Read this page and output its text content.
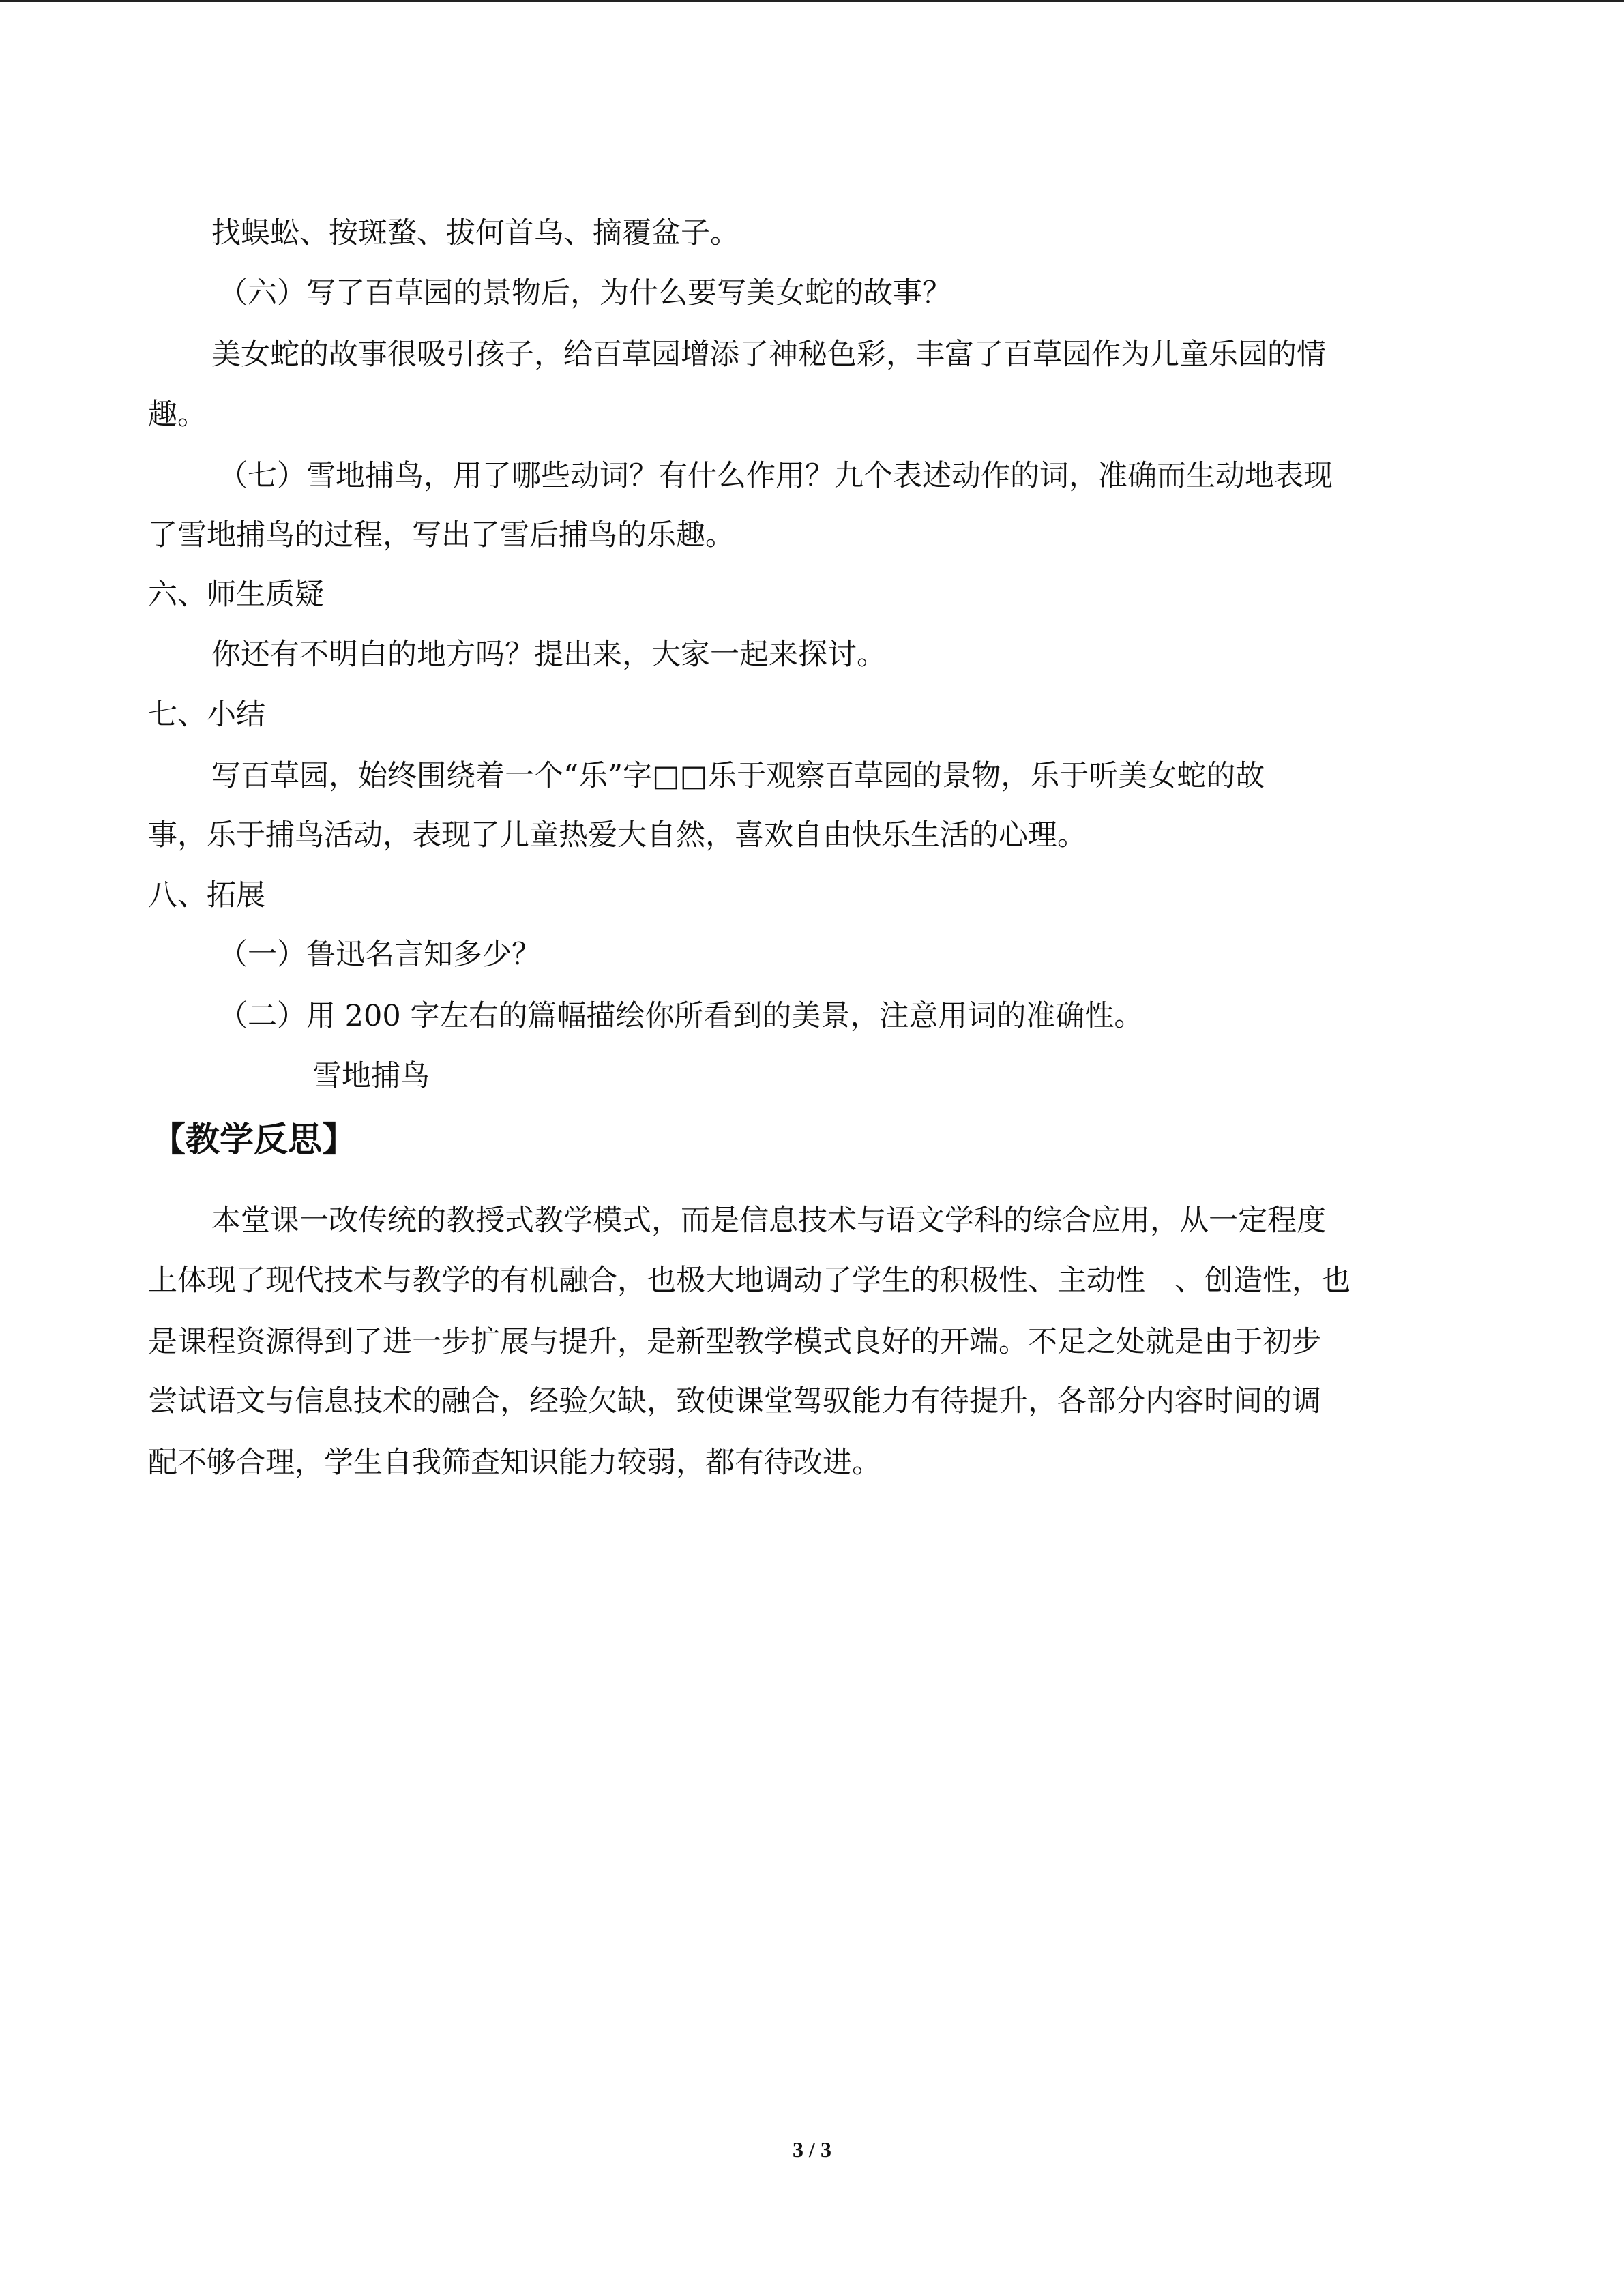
找蜈蚣、按斑蝥、拔何首乌、摘覆盆子。
（六）写了百草园的景物后，为什么要写美女蛇的故事？
美女蛇的故事很吸引孩子，给百草园增添了神秘色彩，丰富了百草园作为儿童乐园的情
趣。
（七）雪地捕鸟，用了哪些动词？有什么作用？九个表述动作的词，准确而生动地表现
了雪地捕鸟的过程，写出了雪后捕鸟的乐趣。
六、师生质疑
你还有不明白的地方吗？提出来，大家一起来探讨。
七、小结
写百草园，始终围绕着一个“乐”字□□乐于观察百草园的景物，乐于听美女蛇的故
事，乐于捕鸟活动，表现了儿童热爱大自然，喜欢自由快乐生活的心理。
八、拓展
（一）鲁迅名言知多少？
（二）用 200 字左右的篇幅描绘你所看到的美景，注意用词的准确性。
雪地捕鸟
【教学反思】
本堂课一改传统的教授式教学模式，而是信息技术与语文学科的综合应用，从一定程度
上体现了现代技术与教学的有机融合，也极大地调动了学生的积极性、主动性　、创造性，也
是课程资源得到了进一步扩展与提升，是新型教学模式良好的开端。不足之处就是由于初步
尝试语文与信息技术的融合，经验欠缺，致使课堂驾驭能力有待提升，各部分内容时间的调
配不够合理，学生自我筛查知识能力较弱，都有待改进。
3 / 3
